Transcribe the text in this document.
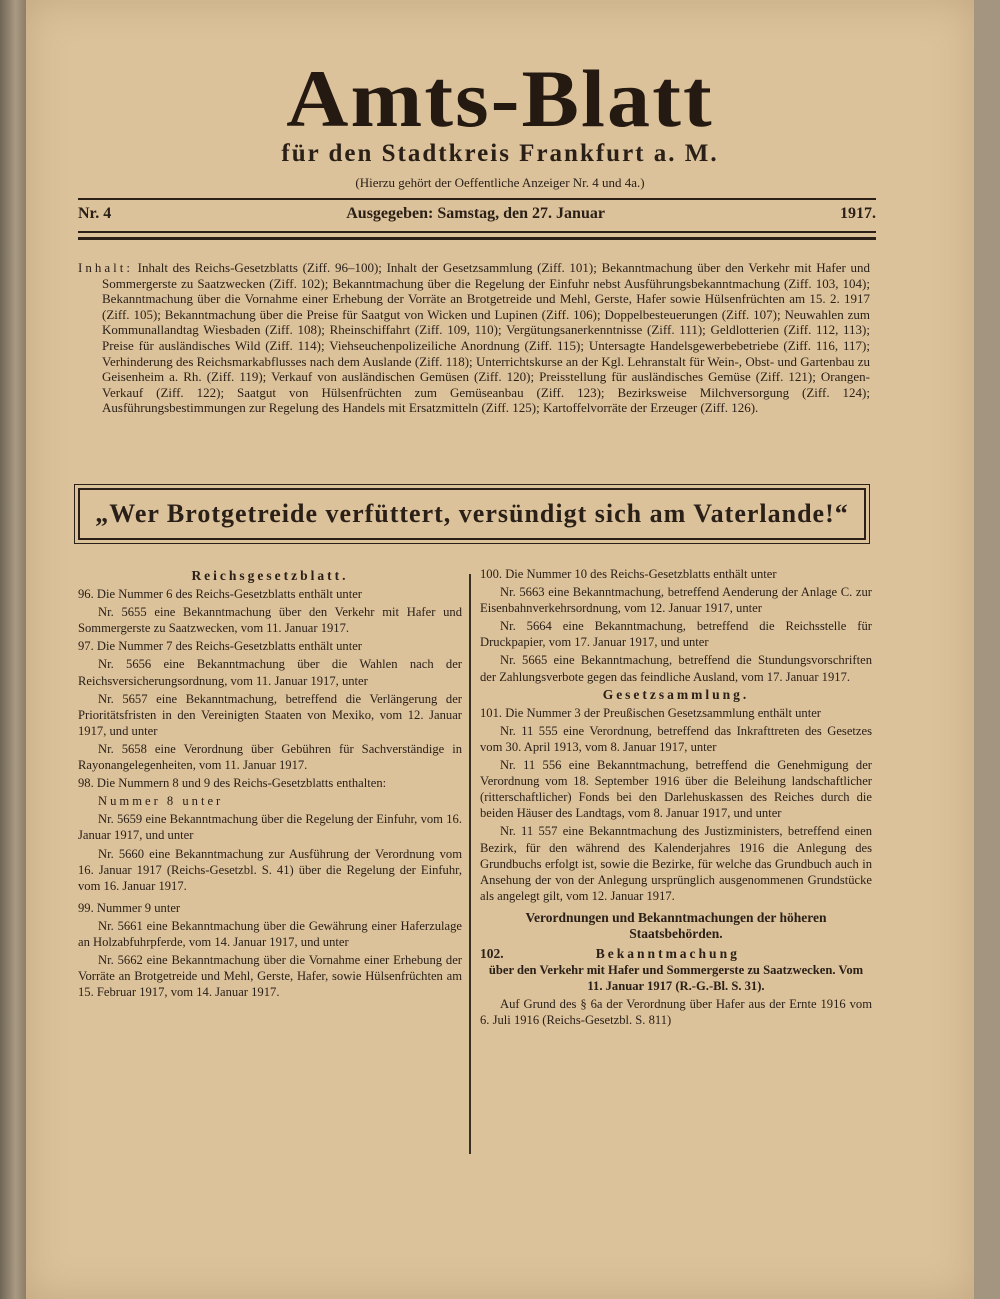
Amts-Blatt
für den Stadtkreis Frankfurt a. M.
(Hierzu gehört der Oeffentliche Anzeiger Nr. 4 und 4a.)
Nr. 4	Ausgegeben: Samstag, den 27. Januar	1917.
Inhalt: Inhalt des Reichs-Gesetzblatts (Ziff. 96–100); Inhalt der Gesetzsammlung (Ziff. 101); Bekanntmachung über den Verkehr mit Hafer und Sommergerste zu Saatzwecken (Ziff. 102); Bekanntmachung über die Regelung der Einfuhr nebst Ausführungsbekanntmachung (Ziff. 103, 104); Bekanntmachung über die Vornahme einer Erhebung der Vorräte an Brotgetreide und Mehl, Gerste, Hafer sowie Hülsenfrüchten am 15. 2. 1917 (Ziff. 105); Bekanntmachung über die Preise für Saatgut von Wicken und Lupinen (Ziff. 106); Doppelbesteuerungen (Ziff. 107); Neuwahlen zum Kommunallandtag Wiesbaden (Ziff. 108); Rheinschiffahrt (Ziff. 109, 110); Vergütungsanerkenntnisse (Ziff. 111); Geldlotterien (Ziff. 112, 113); Preise für ausländisches Wild (Ziff. 114); Viehseuchenpolizeiliche Anordnung (Ziff. 115); Untersagte Handelsgewerbebetriebe (Ziff. 116, 117); Verhinderung des Reichsmarkabflusses nach dem Auslande (Ziff. 118); Unterrichtskurse an der Kgl. Lehranstalt für Wein-, Obst- und Gartenbau zu Geisenheim a. Rh. (Ziff. 119); Verkauf von ausländischen Gemüsen (Ziff. 120); Preisstellung für ausländisches Gemüse (Ziff. 121); Orangen-Verkauf (Ziff. 122); Saatgut von Hülsenfrüchten zum Gemüseanbau (Ziff. 123); Bezirksweise Milchversorgung (Ziff. 124); Ausführungsbestimmungen zur Regelung des Handels mit Ersatzmitteln (Ziff. 125); Kartoffelvorräte der Erzeuger (Ziff. 126).
„Wer Brotgetreide verfüttert, versündigt sich am Vaterlande!“
Reichsgesetzblatt.

96. Die Nummer 6 des Reichs-Gesetzblatts enthält unter

Nr. 5655 eine Bekanntmachung über den Verkehr mit Hafer und Sommergerste zu Saatzwecken, vom 11. Januar 1917.

97. Die Nummer 7 des Reichs-Gesetzblatts enthält unter

Nr. 5656 eine Bekanntmachung über die Wahlen nach der Reichsversicherungsordnung, vom 11. Januar 1917, unter

Nr. 5657 eine Bekanntmachung, betreffend die Verlängerung der Prioritätsfristen in den Vereinigten Staaten von Mexiko, vom 12. Januar 1917, und unter

Nr. 5658 eine Verordnung über Gebühren für Sachverständige in Rayonangelegenheiten, vom 11. Januar 1917.

98. Die Nummern 8 und 9 des Reichs-Gesetzblatts enthalten:

Nummer 8 unter

Nr. 5659 eine Bekanntmachung über die Regelung der Einfuhr, vom 16. Januar 1917, und unter

Nr. 5660 eine Bekanntmachung zur Ausführung der Verordnung vom 16. Januar 1917 (Reichs-Gesetzbl. S. 41) über die Regelung der Einfuhr, vom 16. Januar 1917.

99. Nummer 9 unter

Nr. 5661 eine Bekanntmachung über die Gewährung einer Haferzulage an Holzabfuhrpferde, vom 14. Januar 1917, und unter

Nr. 5662 eine Bekanntmachung über die Vornahme einer Erhebung der Vorräte an Brotgetreide und Mehl, Gerste, Hafer, sowie Hülsenfrüchten am 15. Februar 1917, vom 14. Januar 1917.

100. Die Nummer 10 des Reichs-Gesetzblatts enthält unter

Nr. 5663 eine Bekanntmachung, betreffend Aenderung der Anlage C. zur Eisenbahnverkehrsordnung, vom 12. Januar 1917, unter

Nr. 5664 eine Bekanntmachung, betreffend die Reichsstelle für Druckpapier, vom 17. Januar 1917, und unter

Nr. 5665 eine Bekanntmachung, betreffend die Stundungsvorschriften der Zahlungsverbote gegen das feindliche Ausland, vom 17. Januar 1917.

Gesetzsammlung.

101. Die Nummer 3 der Preußischen Gesetzsammlung enthält unter

Nr. 11 555 eine Verordnung, betreffend das Inkrafttreten des Gesetzes vom 30. April 1913, vom 8. Januar 1917, unter

Nr. 11 556 eine Bekanntmachung, betreffend die Genehmigung der Verordnung vom 18. September 1916 über die Beleihung landschaftlicher (ritterschaftlicher) Fonds bei den Darlehuskassen des Reiches durch die beiden Häuser des Landtags, vom 8. Januar 1917, und unter

Nr. 11 557 eine Bekanntmachung des Justizministers, betreffend einen Bezirk, für den während des Kalenderjahres 1916 die Anlegung des Grundbuchs erfolgt ist, sowie die Bezirke, für welche das Grundbuch auch in Ansehung der von der Anlegung ursprünglich ausgenommenen Grundstücke als angelegt gilt, vom 12. Januar 1917.

Verordnungen und Bekanntmachungen der höheren Staatsbehörden.
102.	Bekanntmachung

über den Verkehr mit Hafer und Sommergerste zu Saatzwecken. Vom 11. Januar 1917 (R.-G.-Bl. S. 31).

Auf Grund des § 6a der Verordnung über Hafer aus der Ernte 1916 vom 6. Juli 1916 (Reichs-Gesetzbl. S. 811)
